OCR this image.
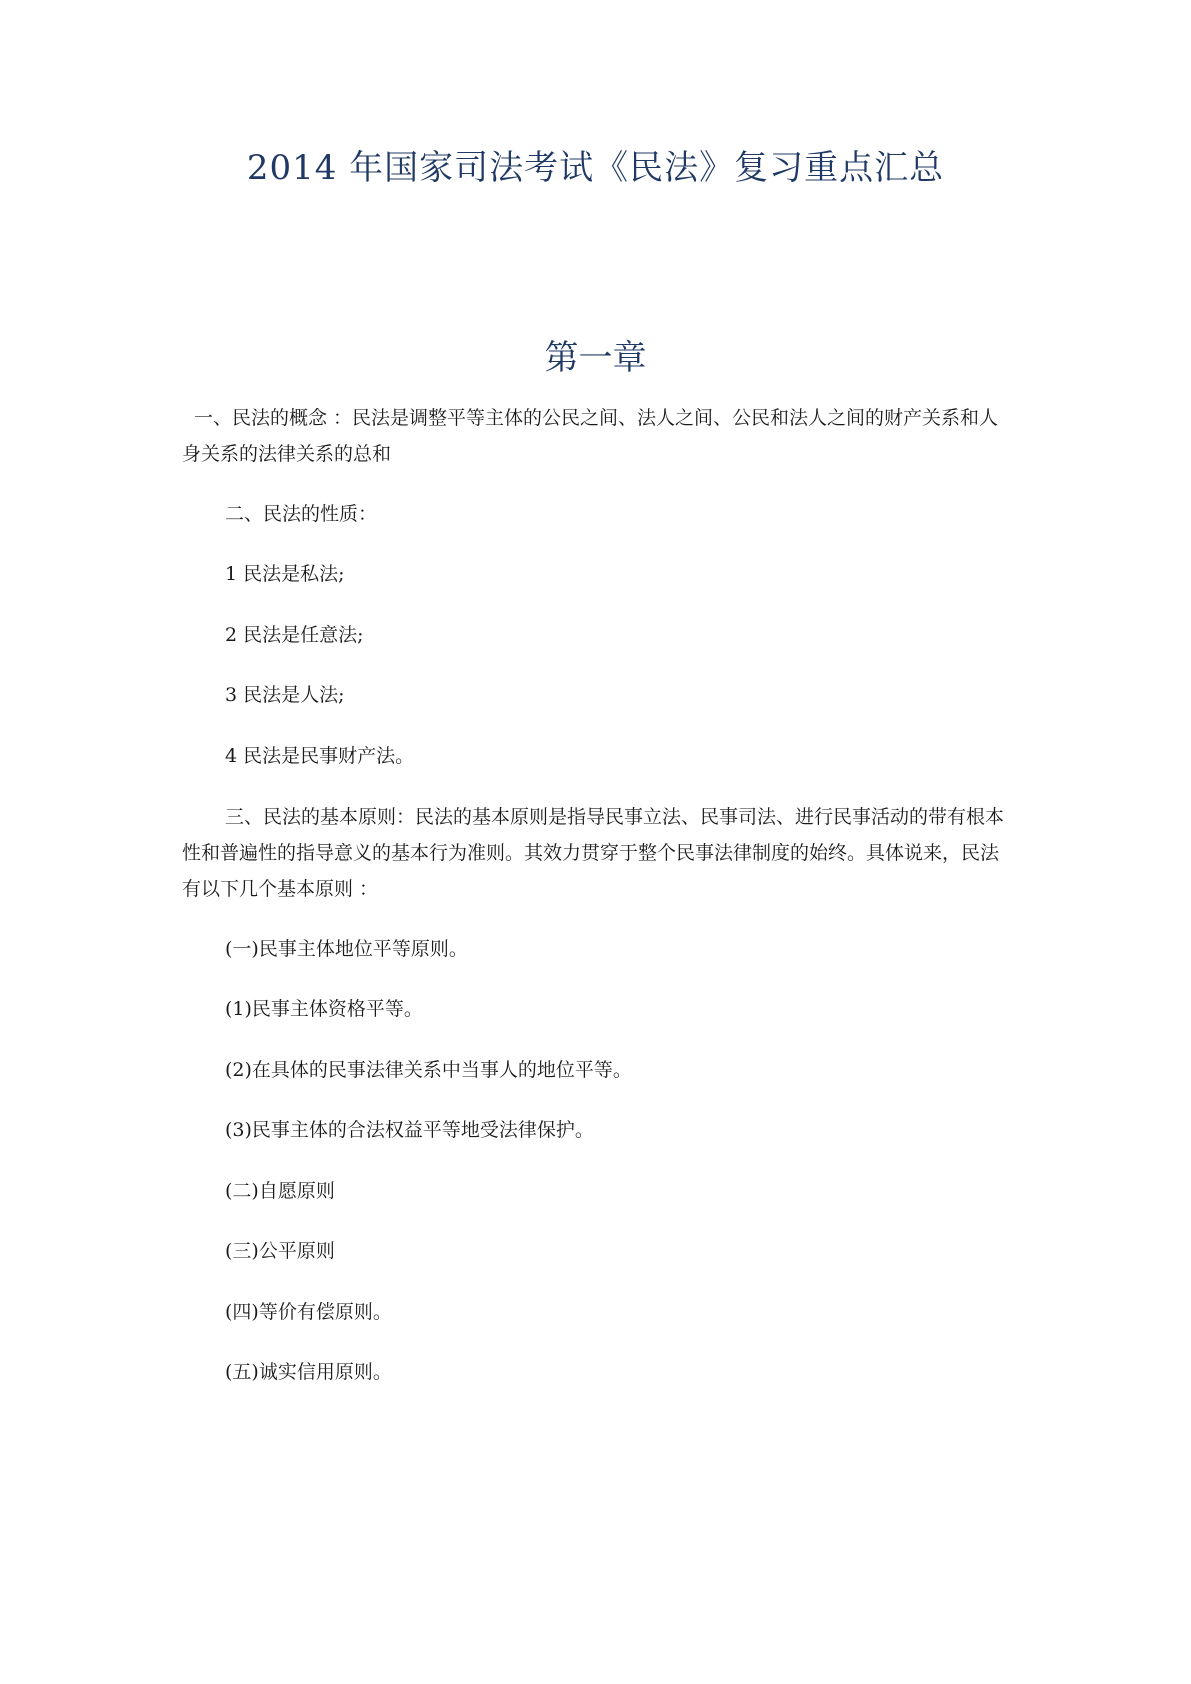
2014 年国家司法考试《民法》复习重点汇总
第一章

一、民法的概念 ：民法是调整平等主体的公民之间、法人之间、公民和法人之间的财产关系和人身关系的法律关系的总和

二、民法的性质：

1 民法是私法;

2 民法是任意法;

3 民法是人法;

4 民法是民事财产法。

三、民法的基本原则：民法的基本原则是指导民事立法、民事司法、进行民事活动的带有根本性和普遍性的指导意义的基本行为准则。其效力贯穿于整个民事法律制度的始终。具体说来，民法有以下几个基本原则 ：

(一)民事主体地位平等原则。

(1)民事主体资格平等。

(2)在具体的民事法律关系中当事人的地位平等。

(3)民事主体的合法权益平等地受法律保护。

(二)自愿原则

(三)公平原则

(四)等价有偿原则。

(五)诚实信用原则。
